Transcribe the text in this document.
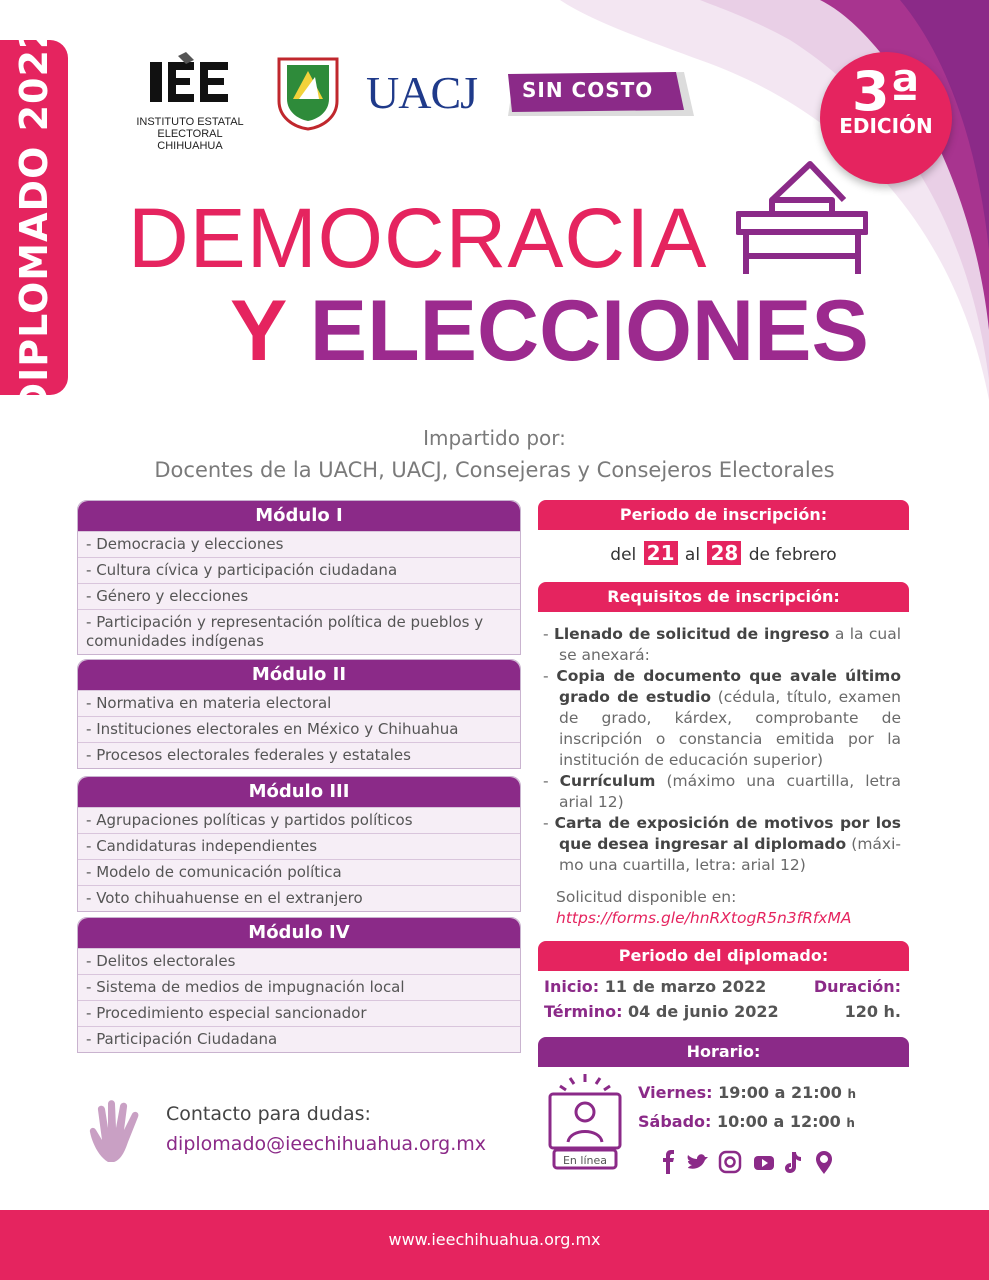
DIPLOMADO 2022	INSTITUTO ESTATAL ELECTORAL
CHIHUAHUA
UACJ SIN COSTO	3ª
EDICIÓN
DEMOCRACIA
Y ELECCIONES
Impartido por:
Docentes de la UACH, UACJ, Consejeras y Consejeros Electorales
Módulo I
- Democracia y elecciones
- Cultura cívica y participación ciudadana
- Género y elecciones
- Participación y representación política de pueblos y comunidades indígenas
Módulo II
- Normativa en materia electoral
- Instituciones electorales en México y Chihuahua
- Procesos electorales federales y estatales
Módulo III
- Agrupaciones políticas y partidos políticos
- Candidaturas independientes
- Modelo de comunicación política
- Voto chihuahuense en el extranjero
Módulo IV
- Delitos electorales
- Sistema de medios de impugnación local
- Procedimiento especial sancionador
- Participación Ciudadana
Periodo de inscripción:
del 21 al 28 de febrero
Requisitos de inscripción:
- Llenado de solicitud de ingreso a la cual se anexará:
- Copia de documento que avale último grado de estudio (cédula, título, examen de grado, kárdex, comprobante de inscripción o constancia emitida por la institución de educación superior)
- Currículum (máximo una cuartilla, letra arial 12)
- Carta de exposición de motivos por los que desea ingresar al diplomado (máxi-mo una cuartilla, letra: arial 12)
Solicitud disponible en:
https://forms.gle/hnRXtogR5n3fRfxMA
Periodo del diplomado:
Inicio: 11 de marzo 2022
Término: 04 de junio 2022
Duración:
120 h.
Horario:
En línea
Viernes: 19:00 a 21:00 h
Sábado: 10:00 a 12:00 h
Contacto para dudas:
diplomado@ieechihuahua.org.mx
www.ieechihuahua.org.mx
